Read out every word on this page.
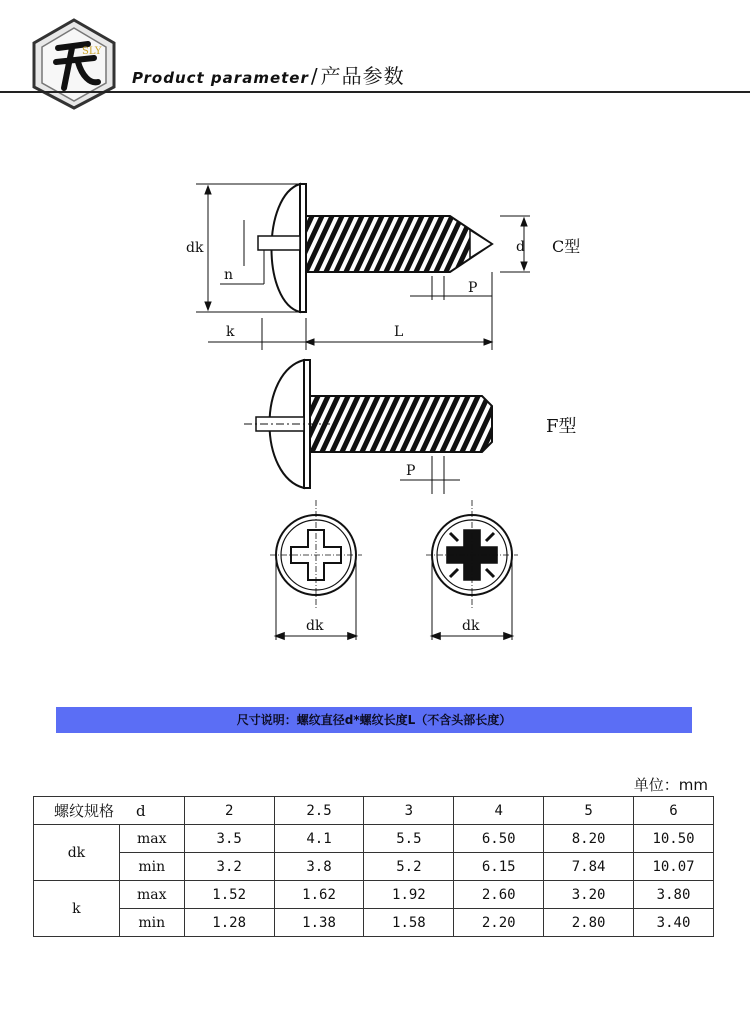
SLY
Product parameter / 产品参数
dk
n
k	L
d
P
C型
P
F型
dk	dk
尺寸说明：螺纹直径d*螺纹长度L（不含头部长度）
单位：mm
螺纹规格 d		2	2.5	3	4	5	6
dk	max	3.5	4.1	5.5	6.50	8.20	10.50
	min	3.2	3.8	5.2	6.15	7.84	10.07
k	max	1.52	1.62	1.92	2.60	3.20	3.80
	min	1.28	1.38	1.58	2.20	2.80	3.40
